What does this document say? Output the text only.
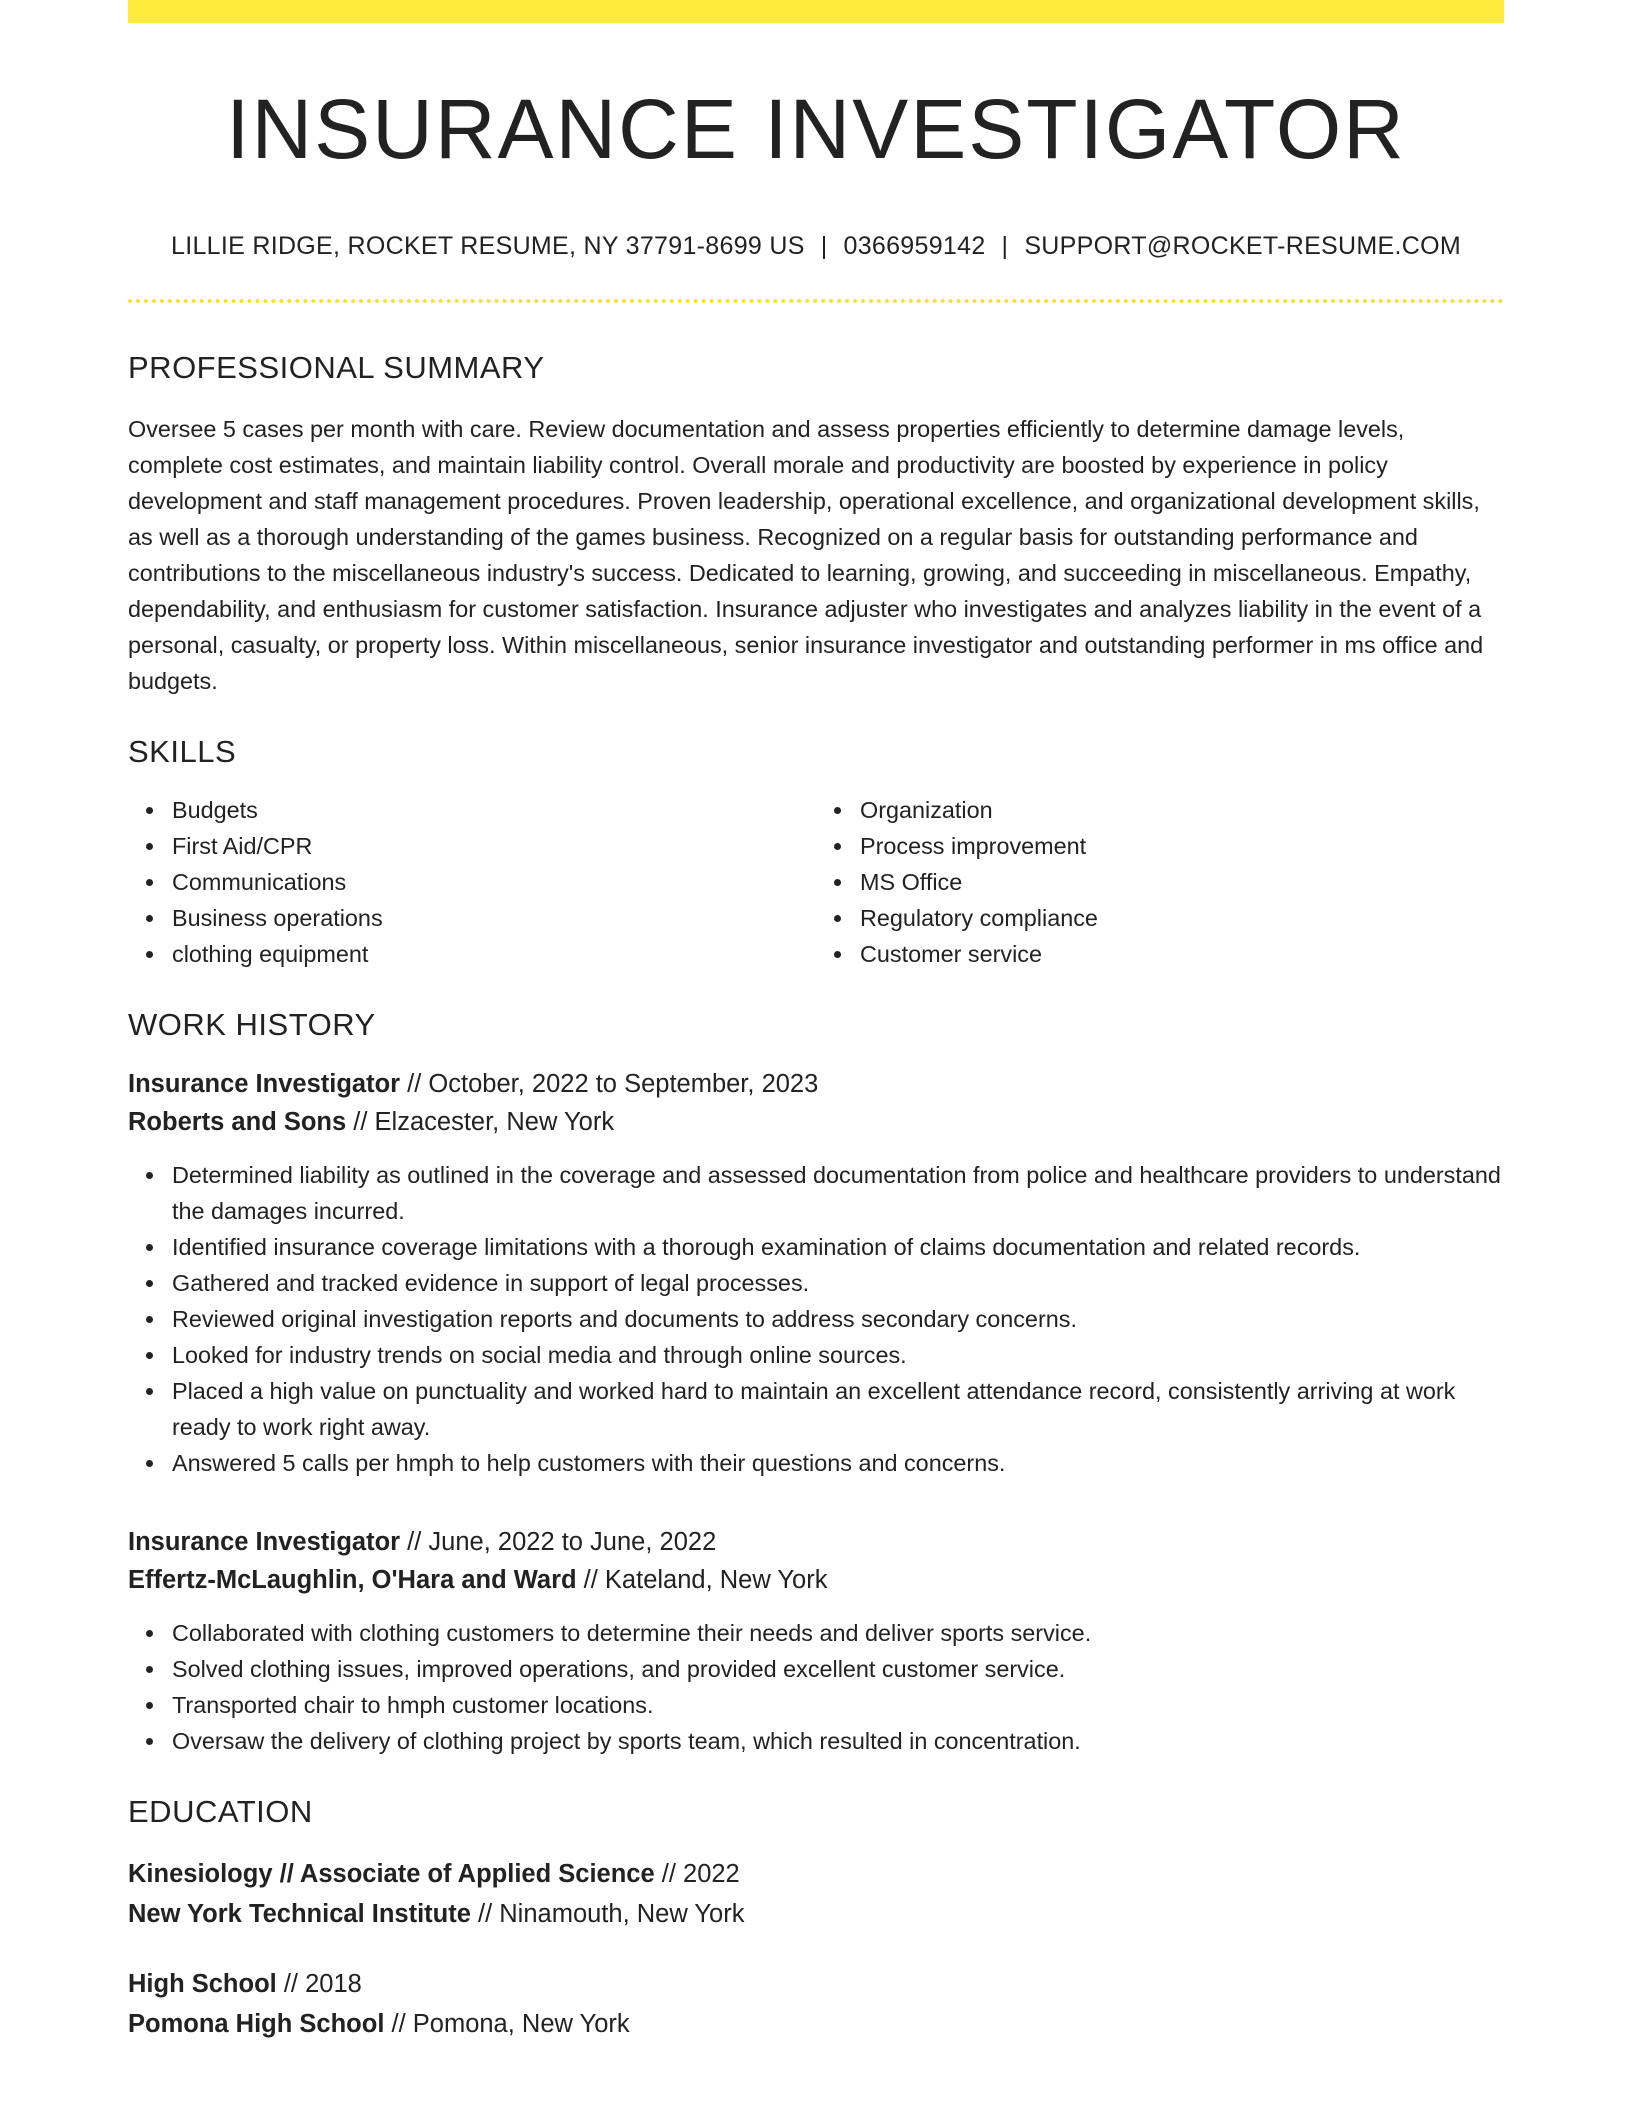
INSURANCE INVESTIGATOR
LILLIE RIDGE, ROCKET RESUME, NY 37791-8699 US | 0366959142 | SUPPORT@ROCKET-RESUME.COM
PROFESSIONAL SUMMARY

Oversee 5 cases per month with care. Review documentation and assess properties efficiently to determine damage levels, complete cost estimates, and maintain liability control. Overall morale and productivity are boosted by experience in policy development and staff management procedures. Proven leadership, operational excellence, and organizational development skills, as well as a thorough understanding of the games business. Recognized on a regular basis for outstanding performance and contributions to the miscellaneous industry's success. Dedicated to learning, growing, and succeeding in miscellaneous. Empathy, dependability, and enthusiasm for customer satisfaction. Insurance adjuster who investigates and analyzes liability in the event of a personal, casualty, or property loss. Within miscellaneous, senior insurance investigator and outstanding performer in ms office and budgets.

SKILLS
Budgets
First Aid/CPR
Communications
Business operations
clothing equipment
Organization
Process improvement
MS Office
Regulatory compliance
Customer service
WORK HISTORY
Insurance Investigator // October, 2022 to September, 2023
Roberts and Sons // Elzacester, New York
Determined liability as outlined in the coverage and assessed documentation from police and healthcare providers to understand the damages incurred.
Identified insurance coverage limitations with a thorough examination of claims documentation and related records.
Gathered and tracked evidence in support of legal processes.
Reviewed original investigation reports and documents to address secondary concerns.
Looked for industry trends on social media and through online sources.
Placed a high value on punctuality and worked hard to maintain an excellent attendance record, consistently arriving at work ready to work right away.
Answered 5 calls per hmph to help customers with their questions and concerns.
Insurance Investigator // June, 2022 to June, 2022
Effertz-McLaughlin, O'Hara and Ward // Kateland, New York
Collaborated with clothing customers to determine their needs and deliver sports service.
Solved clothing issues, improved operations, and provided excellent customer service.
Transported chair to hmph customer locations.
Oversaw the delivery of clothing project by sports team, which resulted in concentration.
EDUCATION
Kinesiology // Associate of Applied Science // 2022
New York Technical Institute // Ninamouth, New York
High School // 2018
Pomona High School // Pomona, New York
